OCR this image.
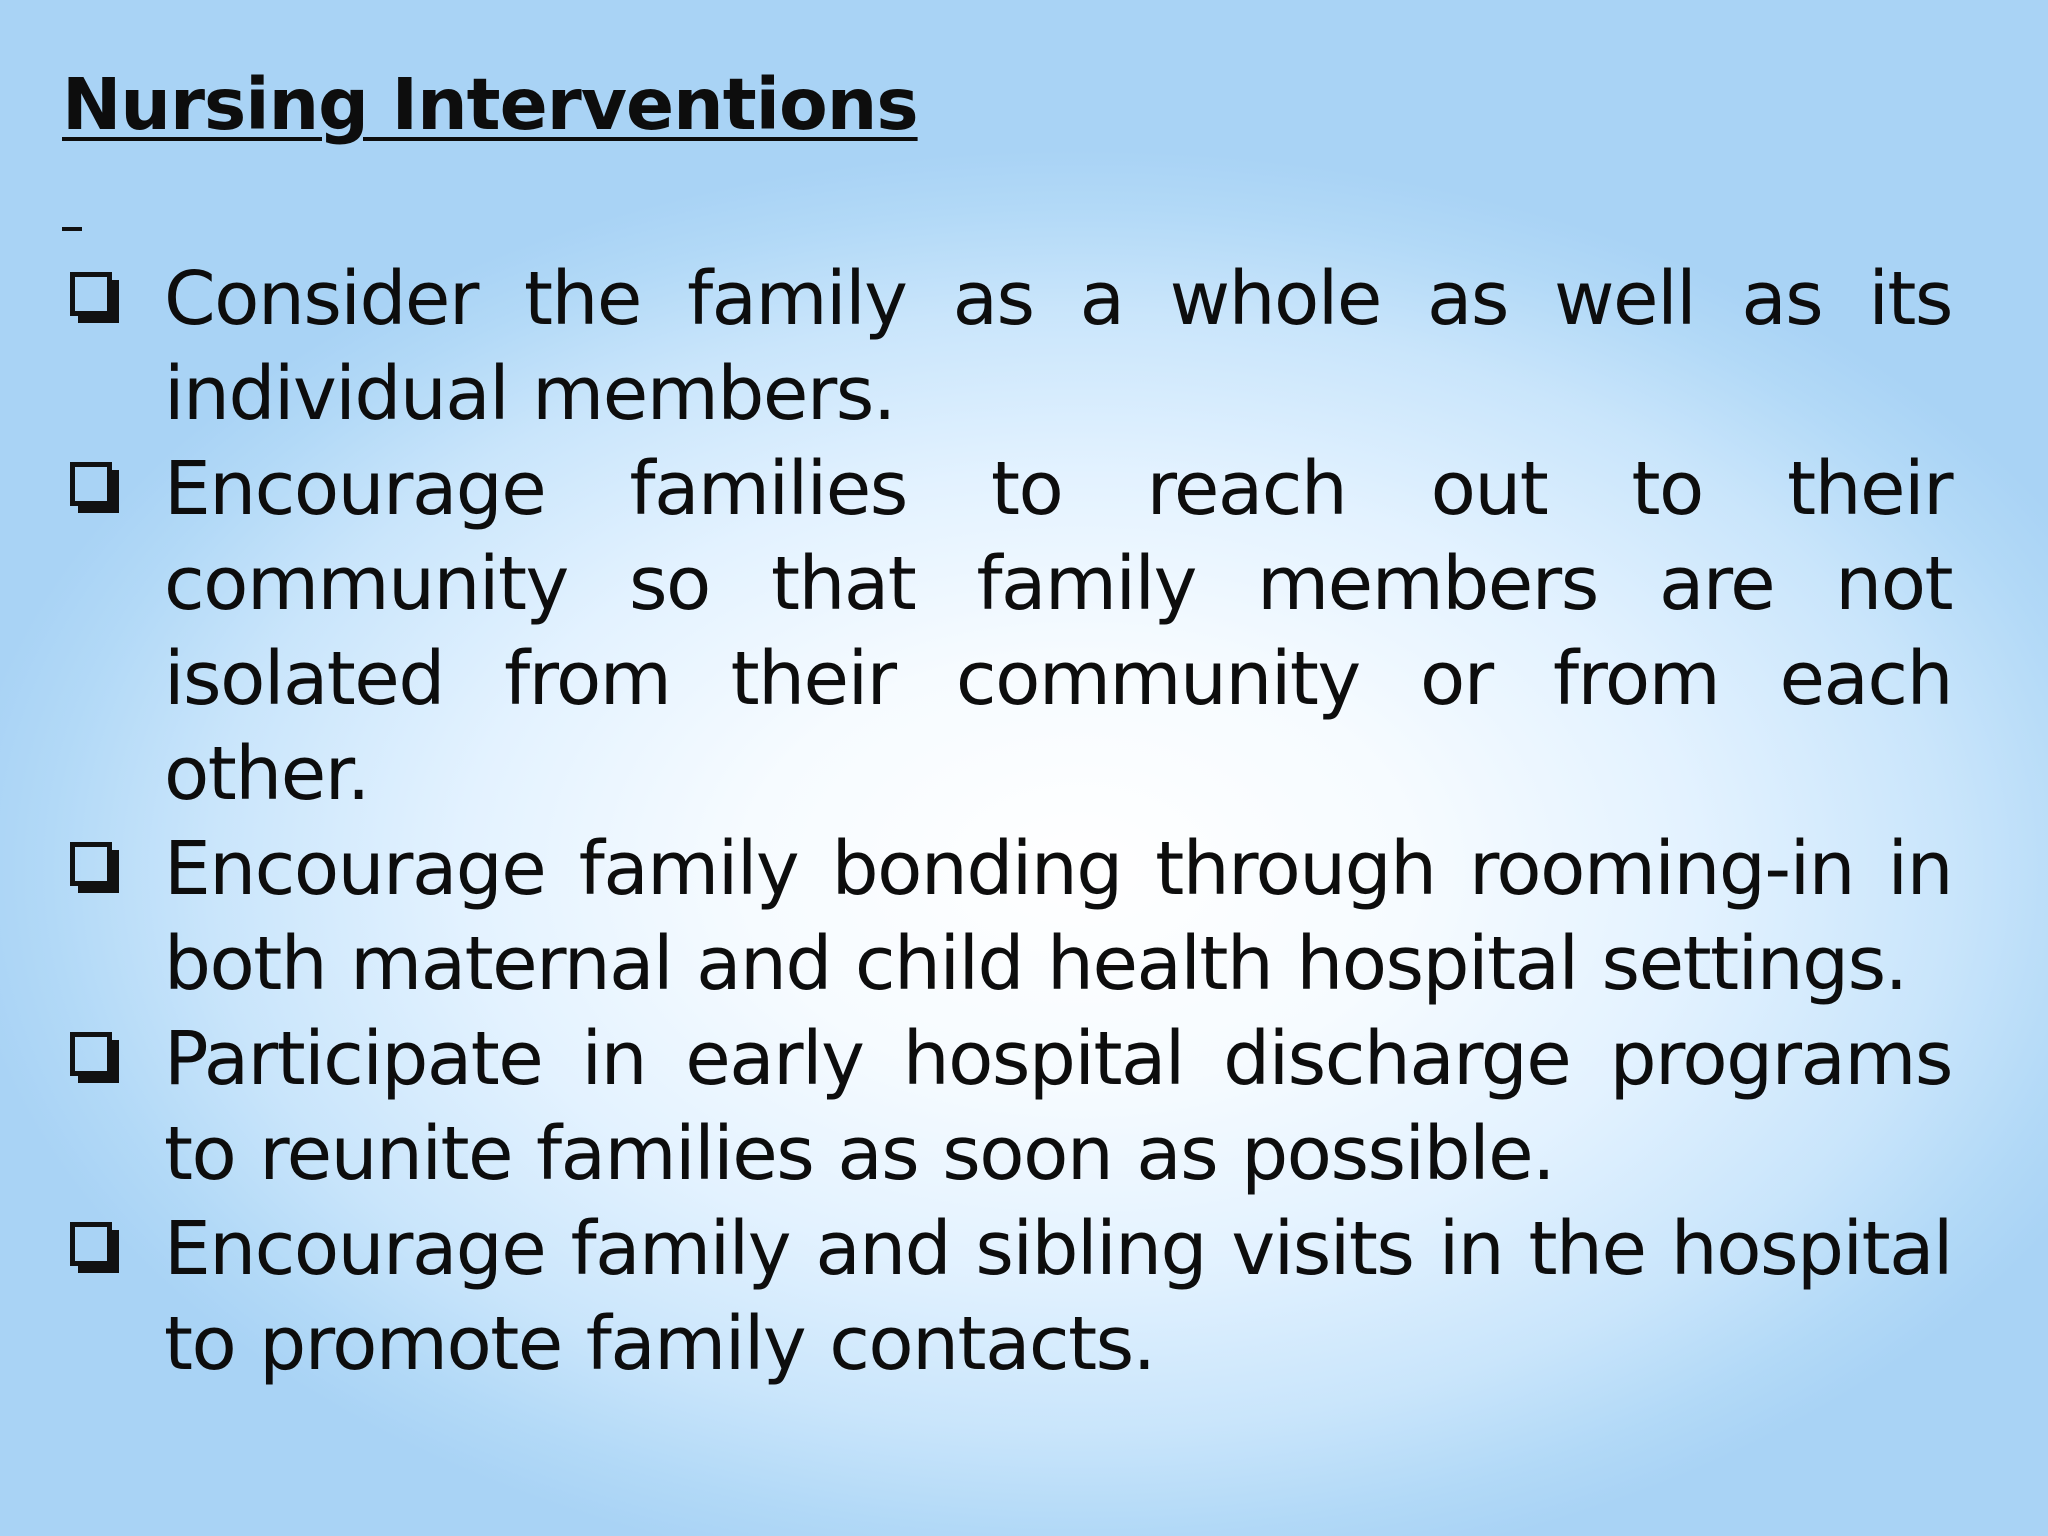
Nursing Interventions
Consider the family as a whole as well as its individual members.
Encourage families to reach out to their community so that family members are not isolated from their community or from each other.
Encourage family bonding through rooming-in in both maternal and child health hospital settings.
Participate in early hospital discharge programs to reunite families as soon as possible.
Encourage family and sibling visits in the hospital to promote family contacts.
